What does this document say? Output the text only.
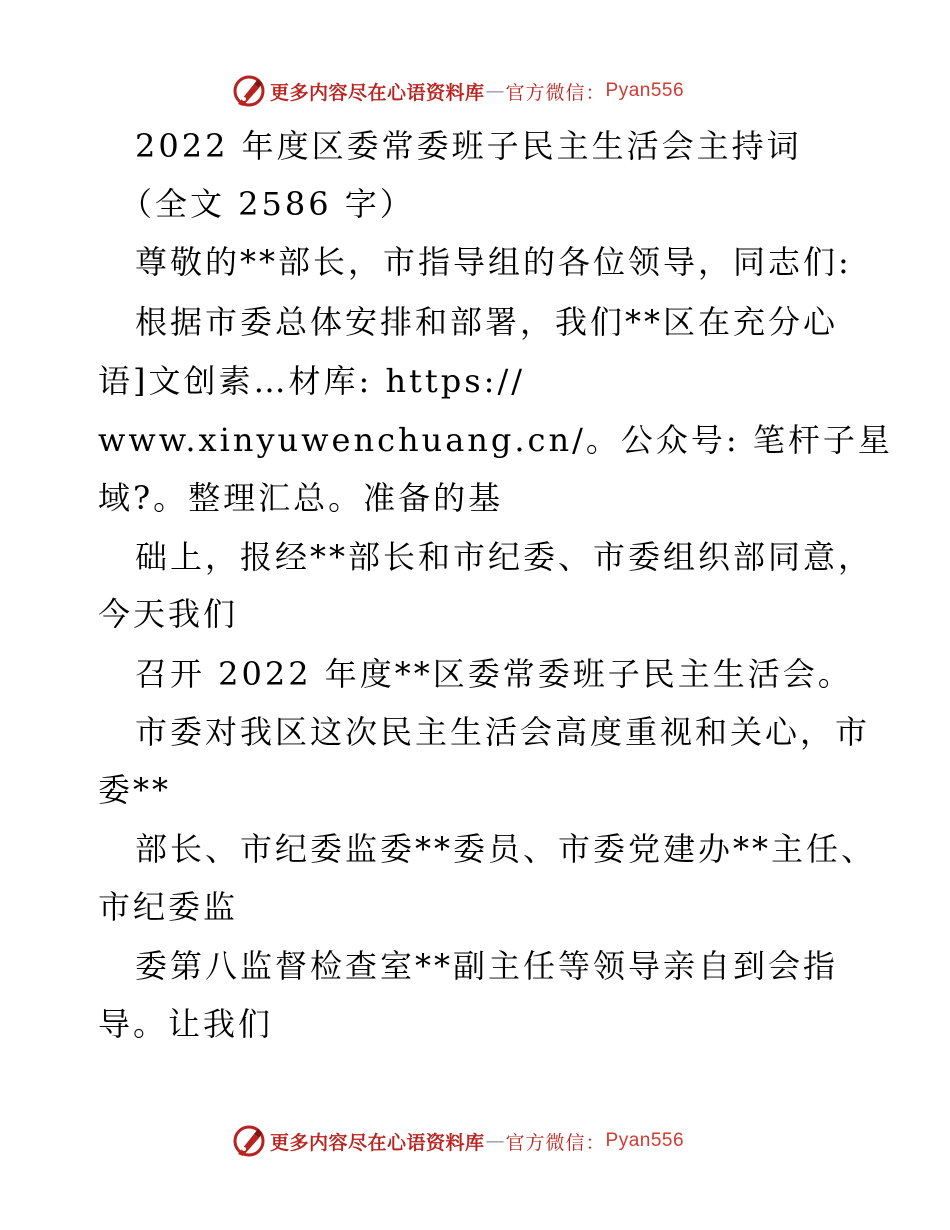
更多内容尽在心语资料库 — 官方微信： Pyan556

2022 年度区委常委班子民主生活会主持词

（全文 2586 字）

尊敬的**部长，市指导组的各位领导，同志们:

根据市委总体安排和部署，我们**区在充分心

语]文创素…材库: https://

www.xinyuwenchuang.cn/。公众号: 笔杆子星

域?。整理汇总。准备的基

础上，报经**部长和市纪委、市委组织部同意，

今天我们

召开 2022 年度**区委常委班子民主生活会。

市委对我区这次民主生活会高度重视和关心，市

委**

部长、市纪委监委**委员、市委党建办**主任、

市纪委监

委第八监督检查室**副主任等领导亲自到会指

导。让我们

更多内容尽在心语资料库 — 官方微信： Pyan556
